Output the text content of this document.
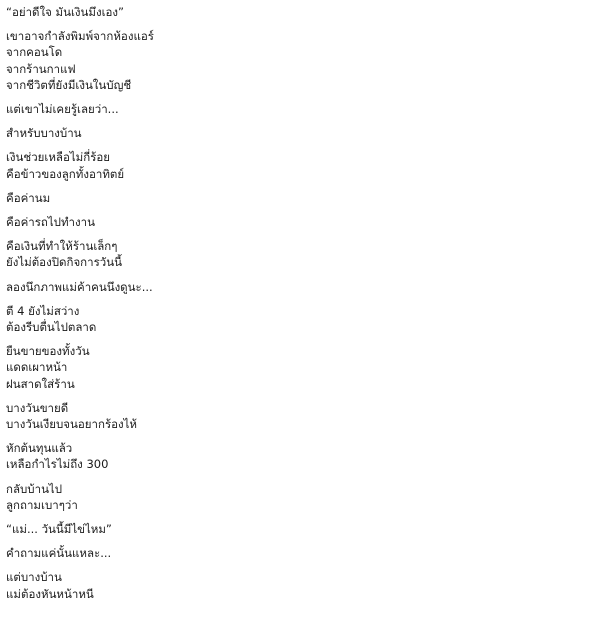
“อย่าดีใจ มันเงินมึงเอง”
เขาอาจกำลังพิมพ์จากห้องแอร์
จากคอนโด
จากร้านกาแฟ
จากชีวิตที่ยังมีเงินในบัญชี
แต่เขาไม่เคยรู้เลยว่า...
สำหรับบางบ้าน
เงินช่วยเหลือไม่กี่ร้อย
คือข้าวของลูกทั้งอาทิตย์
คือค่านม
คือค่ารถไปทำงาน
คือเงินที่ทำให้ร้านเล็กๆ
ยังไม่ต้องปิดกิจการวันนี้
ลองนึกภาพแม่ค้าคนนึงดูนะ...
ตี 4 ยังไม่สว่าง
ต้องรีบตื่นไปตลาด
ยืนขายของทั้งวัน
แดดเผาหน้า
ฝนสาดใส่ร้าน
บางวันขายดี
บางวันเงียบจนอยากร้องไห้
หักต้นทุนแล้ว
เหลือกำไรไม่ถึง 300
กลับบ้านไป
ลูกถามเบาๆว่า
“แม่... วันนี้มีไข่ไหม”
คำถามแค่นั้นแหละ...
แต่บางบ้าน
แม่ต้องหันหน้าหนี
